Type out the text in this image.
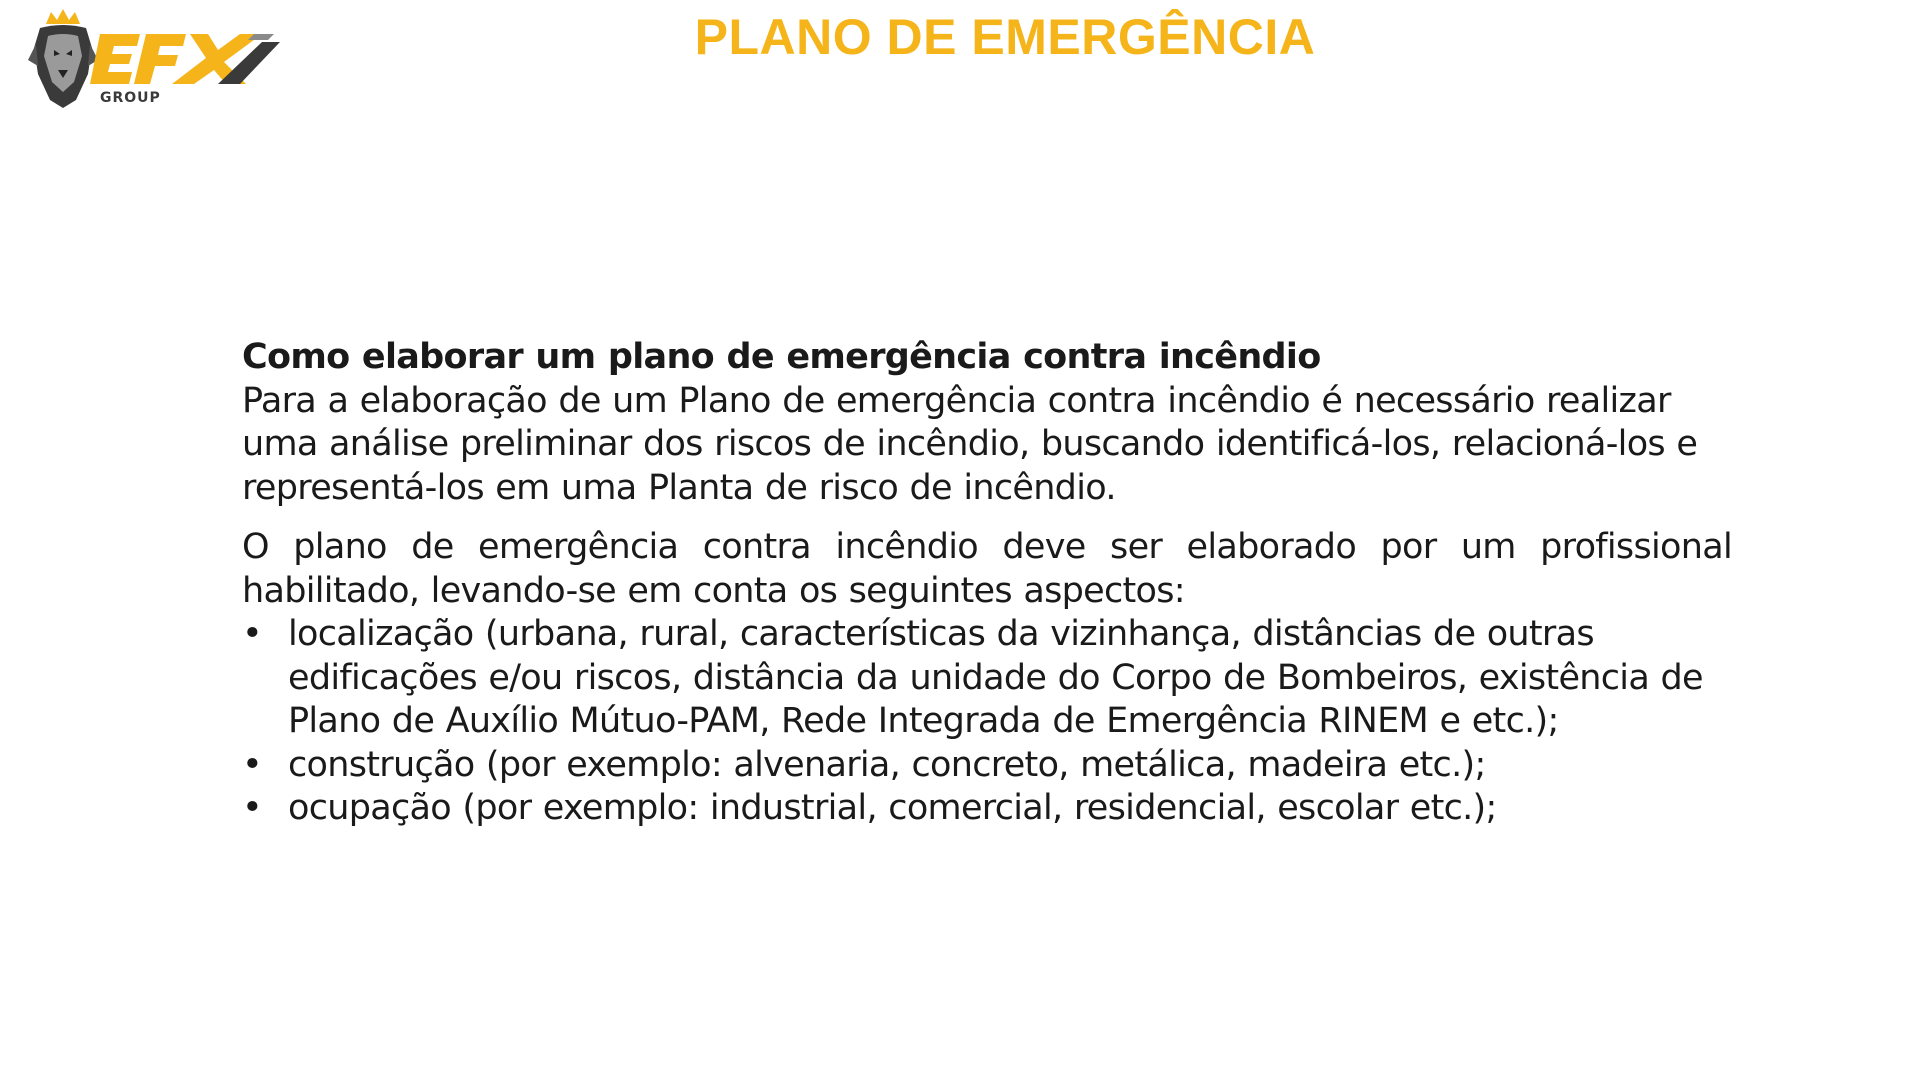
GROUP
PLANO DE EMERGÊNCIA

Como elaborar um plano de emergência contra incêndio

Para a elaboração de um Plano de emergência contra incêndio é necessário realizar uma análise preliminar dos riscos de incêndio, buscando identificá-los, relacioná-los e representá-los em uma Planta de risco de incêndio.

O plano de emergência contra incêndio deve ser elaborado por um profissional habilitado, levando-se em conta os seguintes aspectos:

• localização (urbana, rural, características da vizinhança, distâncias de outras edificações e/ou riscos, distância da unidade do Corpo de Bombeiros, existência de Plano de Auxílio Mútuo-PAM, Rede Integrada de Emergência RINEM e etc.);
• construção (por exemplo: alvenaria, concreto, metálica, madeira etc.);
• ocupação (por exemplo: industrial, comercial, residencial, escolar etc.);
